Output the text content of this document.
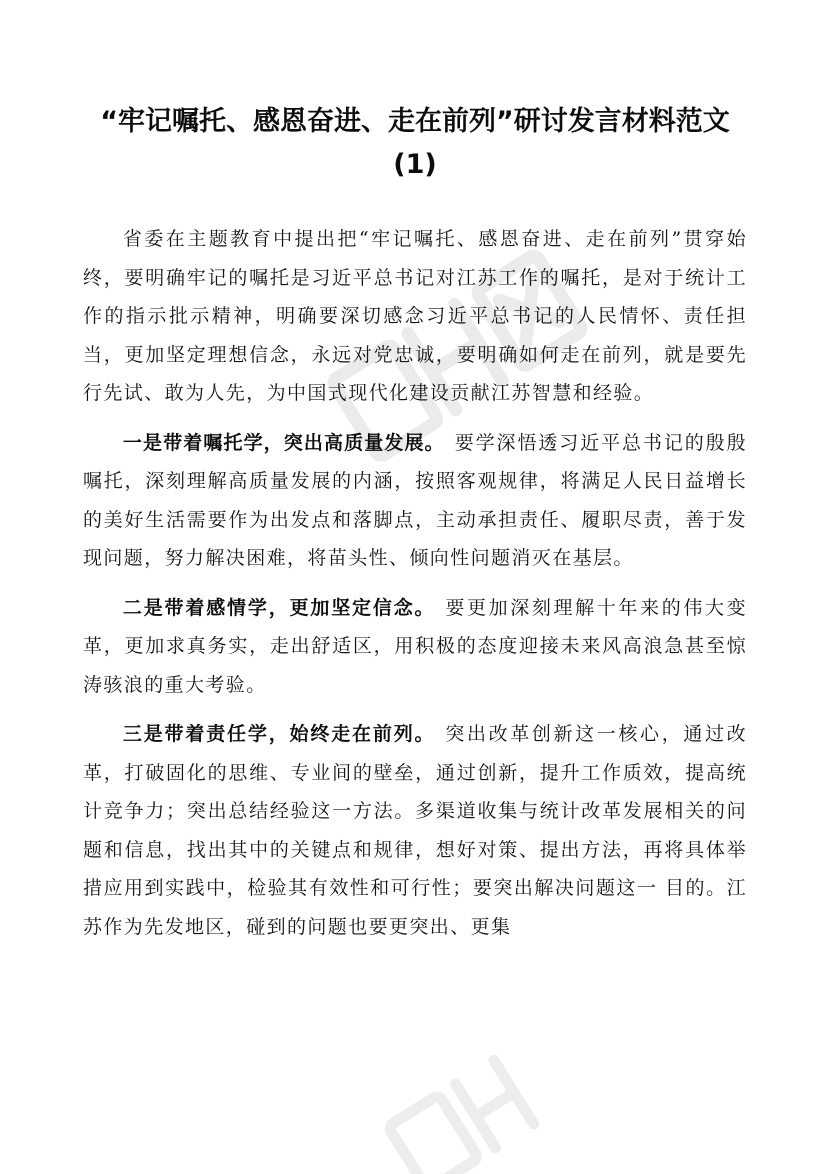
“牢记嘱托、感恩奋进、走在前列”研讨发言材料范文(1)

省委在主题教育中提出把“牢记嘱托、感恩奋进、走在前列”贯穿始终，要明确牢记的嘱托是习近平总书记对江苏工作的嘱托，是对于统计工作的指示批示精神，明确要深切感念习近平总书记的人民情怀、责任担当，更加坚定理想信念，永远对党忠诚，要明确如何走在前列，就是要先行先试、敢为人先，为中国式现代化建设贡献江苏智慧和经验。

一是带着嘱托学，突出高质量发展。 要学深悟透习近平总书记的殷殷嘱托，深刻理解高质量发展的内涵，按照客观规律，将满足人民日益增长的美好生活需要作为出发点和落脚点，主动承担责任、履职尽责，善于发现问题，努力解决困难，将苗头性、倾向性问题消灭在基层。

二是带着感情学，更加坚定信念。 要更加深刻理解十年来的伟大变革，更加求真务实，走出舒适区，用积极的态度迎接未来风高浪急甚至惊涛骇浪的重大考验。

三是带着责任学，始终走在前列。 突出改革创新这一核心，通过改革，打破固化的思维、专业间的壁垒，通过创新，提升工作质效，提高统计竞争力；突出总结经验这一方法。多渠道收集与统计改革发展相关的问题和信息，找出其中的关键点和规律，想好对策、提出方法，再将具体举措应用到实践中，检验其有效性和可行性；要突出解决问题这一 目的。江苏作为先发地区，碰到的问题也要更突出、更集
